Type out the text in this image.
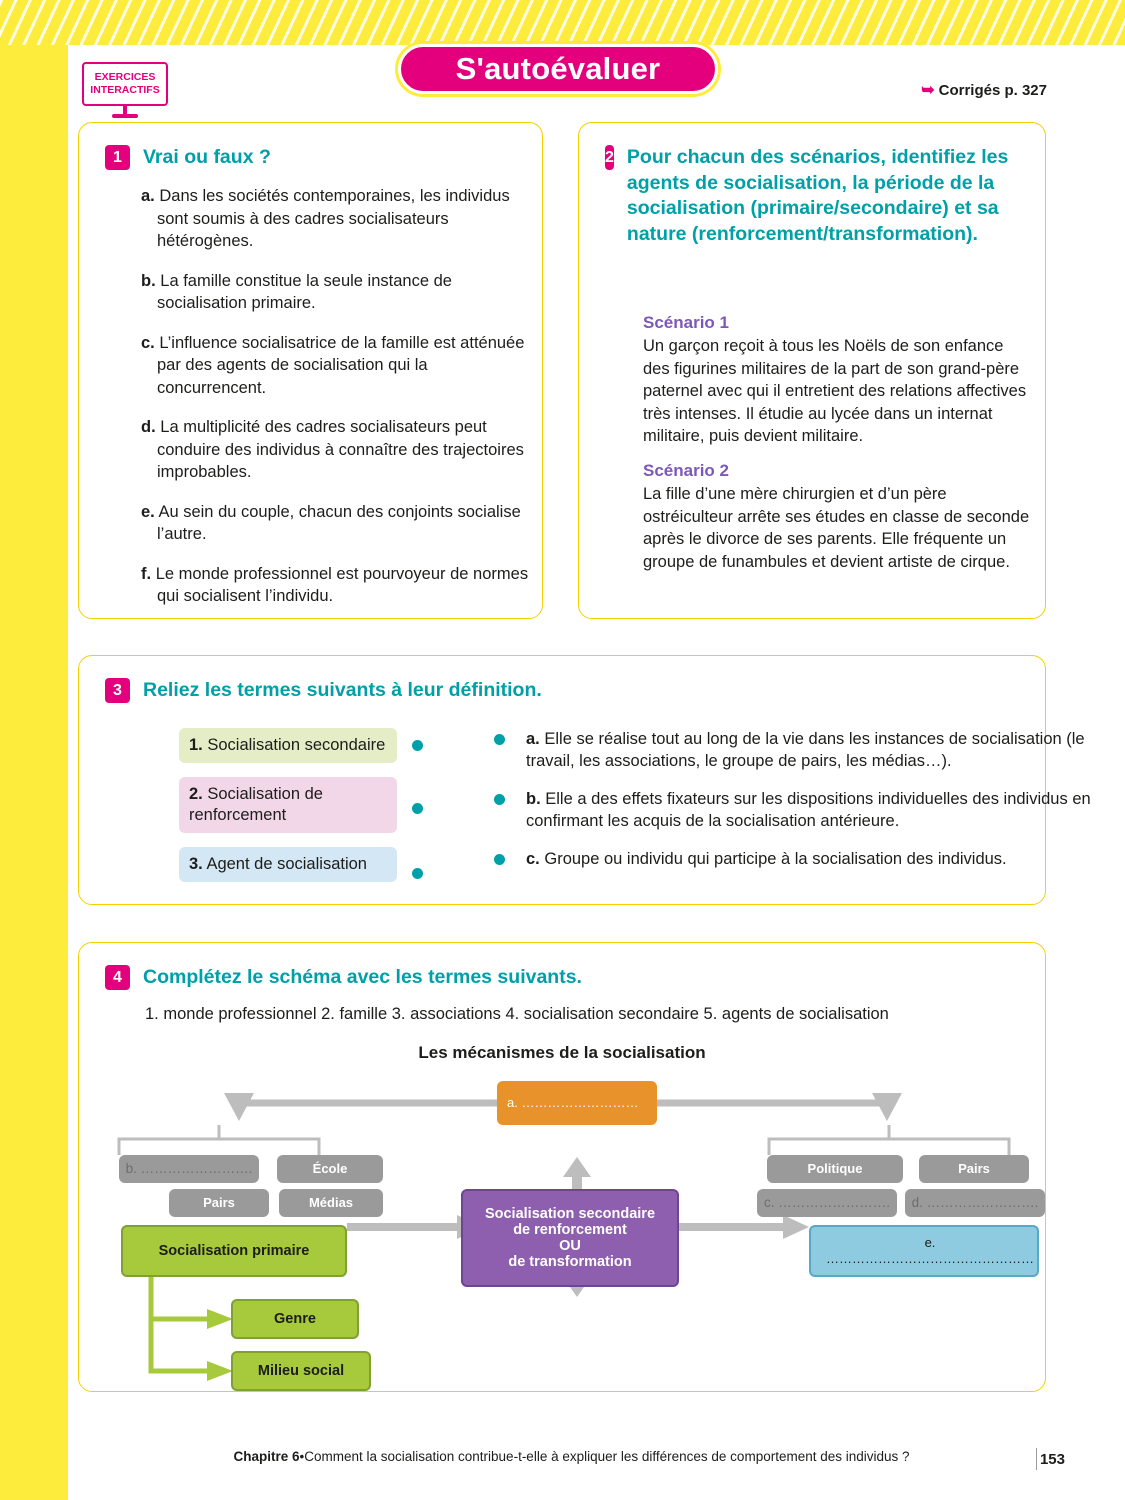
S'autoévaluer
EXERCICES
INTERACTIFS	➥ Corrigés p. 327
1	Vrai ou faux ?
a. Dans les sociétés contemporaines, les individus sont soumis à des cadres socialisateurs hétérogènes.
b. La famille constitue la seule instance de socialisation primaire.
c. L’influence socialisatrice de la famille est atténuée par des agents de socialisation qui la concurrencent.
d. La multiplicité des cadres socialisateurs peut conduire des individus à connaître des trajectoires improbables.
e. Au sein du couple, chacun des conjoints socialise l’autre.
f. Le monde professionnel est pourvoyeur de normes qui socialisent l’individu.
2 Pour chacun des scénarios, identifiez les agents de socialisation, la période de la socialisation (primaire/secondaire) et sa nature (renforcement/transformation).
Scénario 1

Un garçon reçoit à tous les Noëls de son enfance des figurines militaires de la part de son grand-père paternel avec qui il entretient des relations affectives très intenses. Il étudie au lycée dans un internat militaire, puis devient militaire.

Scénario 2

La fille d’une mère chirurgien et d’un père ostréiculteur arrête ses études en classe de seconde après le divorce de ses parents. Elle fréquente un groupe de funambules et devient artiste de cirque.

3	Reliez les termes suivants à leur définition.
1. Socialisation secondaire
2. Socialisation de renforcement
3. Agent de socialisation
a. Elle se réalise tout au long de la vie dans les instances de socialisation (le travail, les associations, le groupe de pairs, les médias…).
b. Elle a des effets fixateurs sur les dispositions individuelles des individus en confirmant les acquis de la socialisation antérieure.
c. Groupe ou individu qui participe à la socialisation des individus.
4	Complétez le schéma avec les termes suivants.
1. monde professionnel 2. famille 3. associations 4. socialisation secondaire 5. agents de socialisation
Les mécanismes de la socialisation
a. ………………………
b. …………………….	École
Pairs	Médias
Socialisation primaire
Genre
Milieu social
Socialisation secondaire
de renforcement
OU
de transformation
Politique	Pairs
c. …………………….	d. …………………….
e. …………………………………………
Chapitre 6•Comment la socialisation contribue-t-elle à expliquer les différences de comportement des individus ?	153
